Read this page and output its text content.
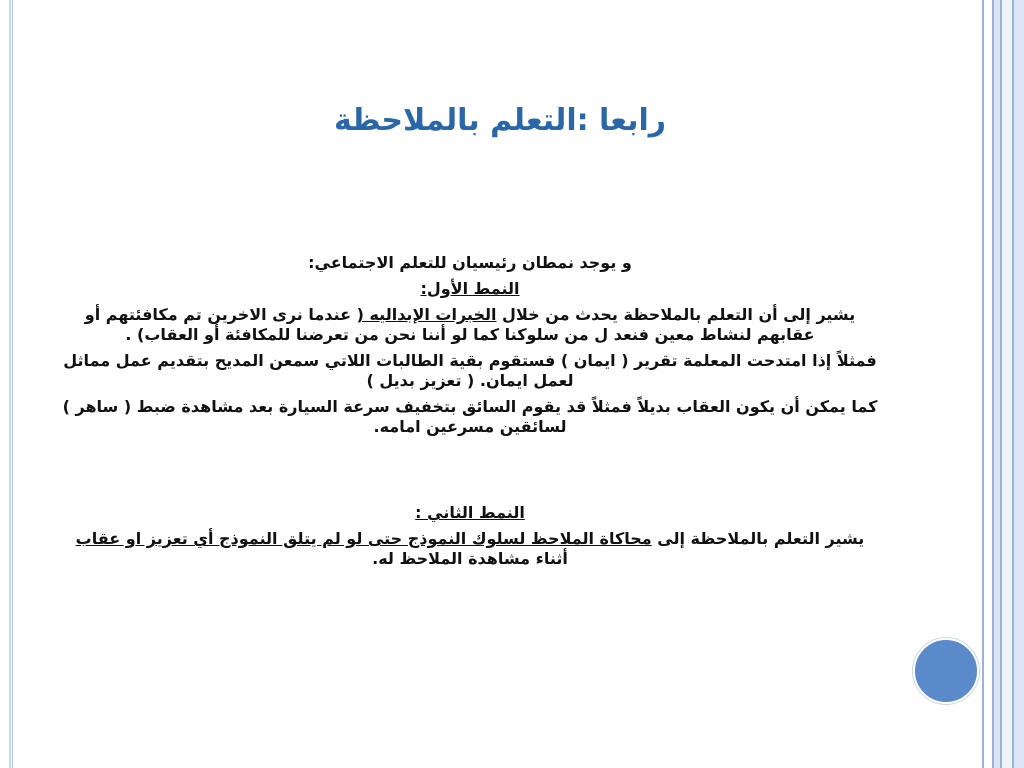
رابعا :التعلم بالملاحظة

و يوجد نمطان رئيسيان للتعلم الاجتماعي:

النمط الأول:

يشير إلى أن التعلم بالملاحظة يحدث من خلال الخبرات الإبداليه ( عندما نرى الاخرين تم مكافئتهم أو عقابهم لنشاط معين فنعد ل من سلوكنا كما لو أننا نحن من تعرضنا للمكافئة أو العقاب) .

فمثلاً إذا امتدحت المعلمة تقرير ( ايمان ) فستقوم بقية الطالبات اللاتي سمعن المديح بتقديم عمل مماثل لعمل ايمان. ( تعزيز بديل )

كما يمكن أن يكون العقاب بديلاً فمثلاً قد يقوم السائق بتخفيف سرعة السيارة بعد مشاهدة ضبط ( ساهر ) لسائقين مسرعين امامه.

النمط الثاني :

يشير التعلم بالملاحظة إلى محاكاة الملاحظ لسلوك النموذج حتى لو لم يتلق النموذج أي تعزيز او عقاب أثناء مشاهدة الملاحظ له.
